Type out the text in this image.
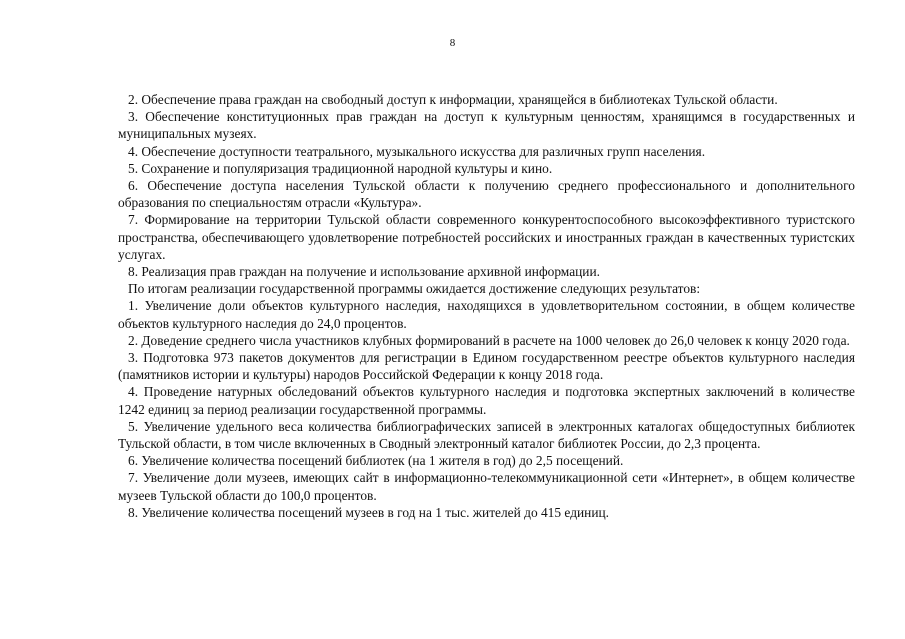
8

2. Обеспечение права граждан на свободный доступ к информации, хранящейся в библиотеках Тульской области.

3. Обеспечение конституционных прав граждан на доступ к культурным ценностям, хранящимся в государственных и муниципальных музеях.

4. Обеспечение доступности театрального, музыкального искусства для различных групп населения.

5. Сохранение и популяризация традиционной народной культуры и кино.

6. Обеспечение доступа населения Тульской области к получению среднего профессионального и дополнительного образования по специальностям отрасли «Культура».

7. Формирование на территории Тульской области современного конкурентоспособного высокоэффективного туристского пространства, обеспечивающего удовлетворение потребностей российских и иностранных граждан в качественных туристских услугах.

8. Реализация прав граждан на получение и использование архивной информации.

По итогам реализации государственной программы ожидается достижение следующих результатов:

1. Увеличение доли объектов культурного наследия, находящихся в удовлетворительном состоянии, в общем количестве объектов культурного наследия до 24,0 процентов.

2. Доведение среднего числа участников клубных формирований в расчете на 1000 человек до 26,0 человек к концу 2020 года.

3. Подготовка 973 пакетов документов для регистрации в Едином государственном реестре объектов культурного наследия (памятников истории и культуры) народов Российской Федерации к концу 2018 года.

4. Проведение натурных обследований объектов культурного наследия и подготовка экспертных заключений в количестве 1242 единиц за период реализации государственной программы.

5. Увеличение удельного веса количества библиографических записей в электронных каталогах общедоступных библиотек Тульской области, в том числе включенных в Сводный электронный каталог библиотек России, до 2,3 процента.

6. Увеличение количества посещений библиотек (на 1 жителя в год) до 2,5 посещений.

7. Увеличение доли музеев, имеющих сайт в информационно-телекоммуникационной сети «Интернет», в общем количестве музеев Тульской области до 100,0 процентов.

8. Увеличение количества посещений музеев в год на 1 тыс. жителей до 415 единиц.
